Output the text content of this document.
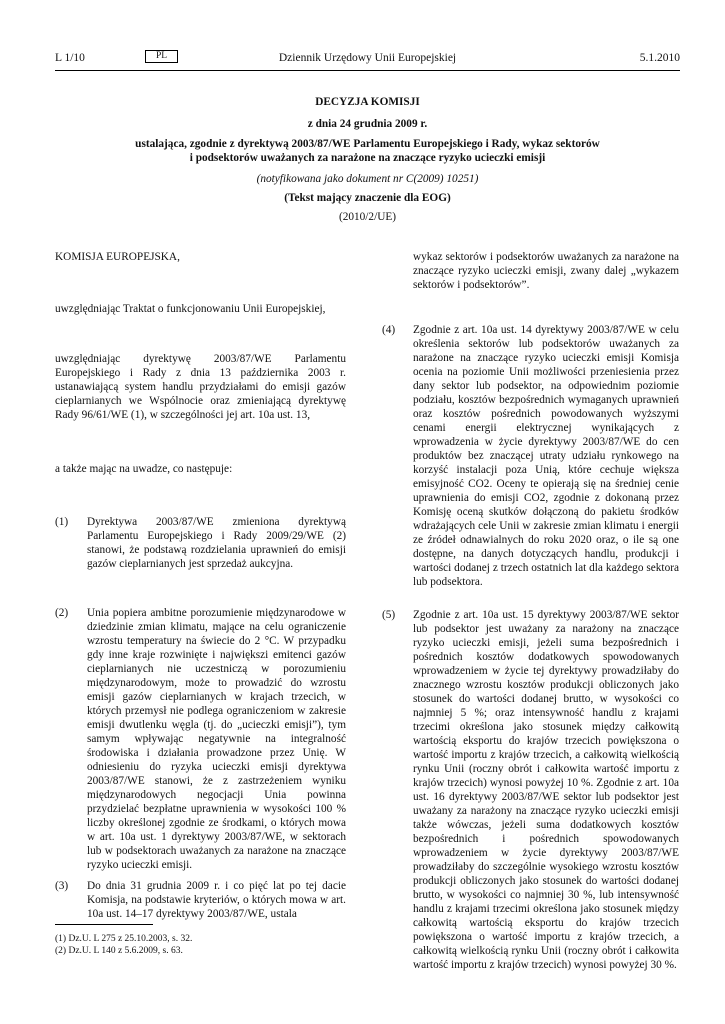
L 1/10	PL	Dziennik Urzędowy Unii Europejskiej	5.1.2010
DECYZJA KOMISJI
z dnia 24 grudnia 2009 r.
ustalająca, zgodnie z dyrektywą 2003/87/WE Parlamentu Europejskiego i Rady, wykaz sektorów
i podsektorów uważanych za narażone na znaczące ryzyko ucieczki emisji
(notyfikowana jako dokument nr C(2009) 10251)
(Tekst mający znaczenie dla EOG)
(2010/2/UE)
KOMISJA EUROPEJSKA,
uwzględniając Traktat o funkcjonowaniu Unii Europejskiej,
uwzględniając dyrektywę 2003/87/WE Parlamentu Europejskiego i Rady z dnia 13 października 2003 r. ustanawiającą system handlu przydziałami do emisji gazów cieplarnianych we Wspólnocie oraz zmieniającą dyrektywę Rady 96/61/WE (1), w szczególności jej art. 10a ust. 13,
a także mając na uwadze, co następuje:
(1) Dyrektywa 2003/87/WE zmieniona dyrektywą Parlamentu Europejskiego i Rady 2009/29/WE (2) stanowi, że podstawą rozdzielania uprawnień do emisji gazów cieplarnianych jest sprzedaż aukcyjna.
(2) Unia popiera ambitne porozumienie międzynarodowe w dziedzinie zmian klimatu, mające na celu ograniczenie wzrostu temperatury na świecie do 2 °C. W przypadku gdy inne kraje rozwinięte i największi emitenci gazów cieplarnianych nie uczestniczą w porozumieniu międzynarodowym, może to prowadzić do wzrostu emisji gazów cieplarnianych w krajach trzecich, w których przemysł nie podlega ograniczeniom w zakresie emisji dwutlenku węgla (tj. do „ucieczki emisji”), tym samym wpływając negatywnie na integralność środowiska i działania prowadzone przez Unię. W odniesieniu do ryzyka ucieczki emisji dyrektywa 2003/87/WE stanowi, że z zastrzeżeniem wyniku międzynarodowych negocjacji Unia powinna przydzielać bezpłatne uprawnienia w wysokości 100 % liczby określonej zgodnie ze środkami, o których mowa w art. 10a ust. 1 dyrektywy 2003/87/WE, w sektorach lub w podsektorach uważanych za narażone na znaczące ryzyko ucieczki emisji.
(3) Do dnia 31 grudnia 2009 r. i co pięć lat po tej dacie Komisja, na podstawie kryteriów, o których mowa w art. 10a ust. 14–17 dyrektywy 2003/87/WE, ustala
wykaz sektorów i podsektorów uważanych za narażone na znaczące ryzyko ucieczki emisji, zwany dalej „wykazem sektorów i podsektorów”.
(4) Zgodnie z art. 10a ust. 14 dyrektywy 2003/87/WE w celu określenia sektorów lub podsektorów uważanych za narażone na znaczące ryzyko ucieczki emisji Komisja ocenia na poziomie Unii możliwości przeniesienia przez dany sektor lub podsektor, na odpowiednim poziomie podziału, kosztów bezpośrednich wymaganych uprawnień oraz kosztów pośrednich powodowanych wyższymi cenami energii elektrycznej wynikających z wprowadzenia w życie dyrektywy 2003/87/WE do cen produktów bez znaczącej utraty udziału rynkowego na korzyść instalacji poza Unią, które cechuje większa emisyjność CO2. Oceny te opierają się na średniej cenie uprawnienia do emisji CO2, zgodnie z dokonaną przez Komisję oceną skutków dołączoną do pakietu środków wdrażających cele Unii w zakresie zmian klimatu i energii ze źródeł odnawialnych do roku 2020 oraz, o ile są one dostępne, na danych dotyczących handlu, produkcji i wartości dodanej z trzech ostatnich lat dla każdego sektora lub podsektora.
(5) Zgodnie z art. 10a ust. 15 dyrektywy 2003/87/WE sektor lub podsektor jest uważany za narażony na znaczące ryzyko ucieczki emisji, jeżeli suma bezpośrednich i pośrednich kosztów dodatkowych spowodowanych wprowadzeniem w życie tej dyrektywy prowadziłaby do znacznego wzrostu kosztów produkcji obliczonych jako stosunek do wartości dodanej brutto, w wysokości co najmniej 5 %; oraz intensywność handlu z krajami trzecimi określona jako stosunek między całkowitą wartością eksportu do krajów trzecich powiększona o wartość importu z krajów trzecich, a całkowitą wielkością rynku Unii (roczny obrót i całkowita wartość importu z krajów trzecich) wynosi powyżej 10 %. Zgodnie z art. 10a ust. 16 dyrektywy 2003/87/WE sektor lub podsektor jest uważany za narażony na znaczące ryzyko ucieczki emisji także wówczas, jeżeli suma dodatkowych kosztów bezpośrednich i pośrednich spowodowanych wprowadzeniem w życie dyrektywy 2003/87/WE prowadziłaby do szczególnie wysokiego wzrostu kosztów produkcji obliczonych jako stosunek do wartości dodanej brutto, w wysokości co najmniej 30 %, lub intensywność handlu z krajami trzecimi określona jako stosunek między całkowitą wartością eksportu do krajów trzecich powiększona o wartość importu z krajów trzecich, a całkowitą wielkością rynku Unii (roczny obrót i całkowita wartość importu z krajów trzecich) wynosi powyżej 30 %.
(1) Dz.U. L 275 z 25.10.2003, s. 32.
(2) Dz.U. L 140 z 5.6.2009, s. 63.
